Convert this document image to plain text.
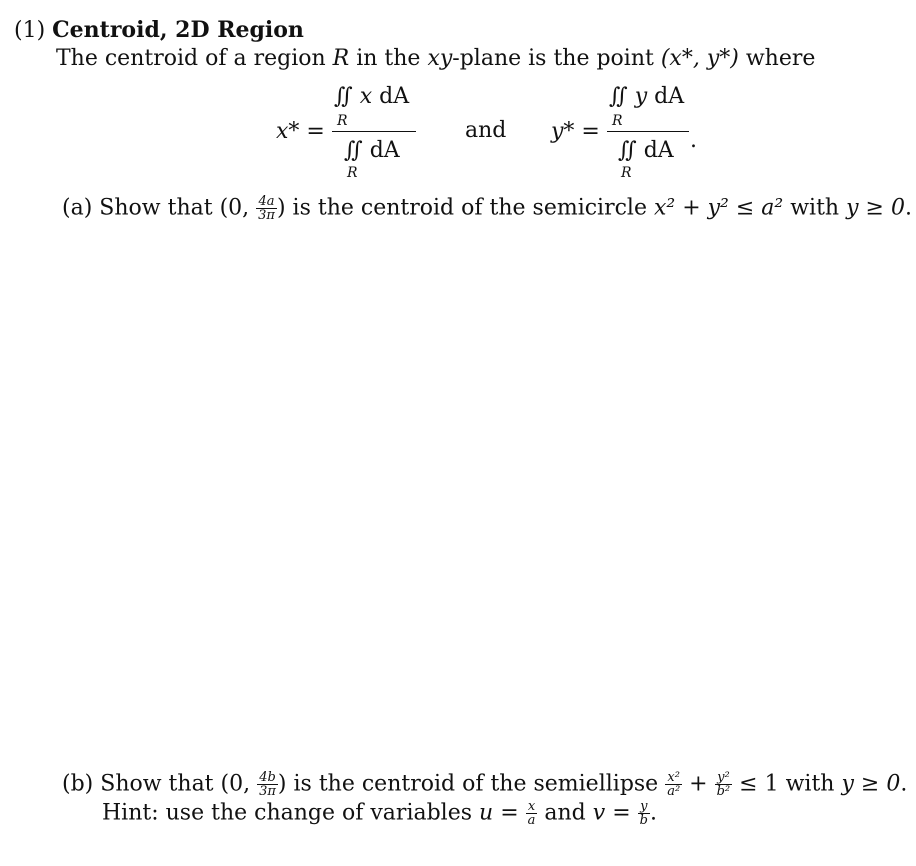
(1) Centroid, 2D Region
The centroid of a region R in the xy-plane is the point (x*, y*) where
x* =
∬ x dA
R
∬ dA
R
and y* =
∬ y dA
R
∬ dA
R
.
(a) Show that (0, $\frac{4a}{3\pi}$ ) is the centroid of the semicircle x² + y² ≤ a² with y ≥ 0.
(b) Show that (0, $\frac{4b}{3\pi}$ ) is the centroid of the semiellipse $\frac{\text{x²}}{\text{a²}} + \frac{\text{y²}}{\text{b²}} \le 1$ with y ≥ 0.
Hint: use the change of variables $u = \frac{x}{a}$ and $v = \frac{y}{b}$ .
